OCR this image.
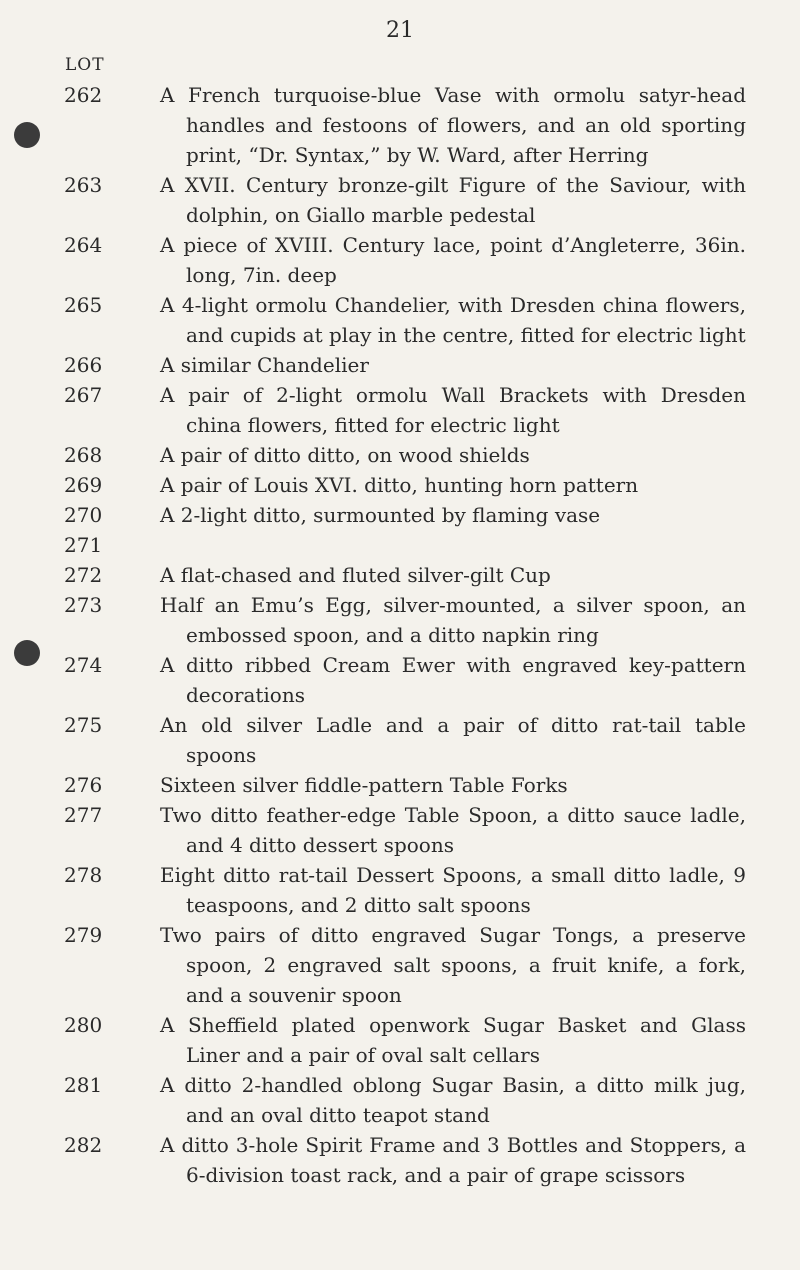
21
LOT
262	A French turquoise-blue Vase with ormolu satyr-head handles and festoons of flowers, and an old sporting print, “Dr. Syntax,” by W. Ward, after Herring
263	A XVII. Century bronze-gilt Figure of the Saviour, with dolphin, on Giallo marble pedestal
264	A piece of XVIII. Century lace, point d’Angleterre, 36in. long, 7in. deep
265	A 4-light ormolu Chandelier, with Dresden china flowers, and cupids at play in the centre, fitted for electric light
266	A similar Chandelier
267	A pair of 2-light ormolu Wall Brackets with Dresden china flowers, fitted for electric light
268	A pair of ditto ditto, on wood shields
269	A pair of Louis XVI. ditto, hunting horn pattern
270	A 2-light ditto, surmounted by flaming vase
271
272	A flat-chased and fluted silver-gilt Cup
273	Half an Emu’s Egg, silver-mounted, a silver spoon, an embossed spoon, and a ditto napkin ring
274	A ditto ribbed Cream Ewer with engraved key-pattern decorations
275	An old silver Ladle and a pair of ditto rat-tail table spoons
276	Sixteen silver fiddle-pattern Table Forks
277	Two ditto feather-edge Table Spoon, a ditto sauce ladle, and 4 ditto dessert spoons
278	Eight ditto rat-tail Dessert Spoons, a small ditto ladle, 9 teaspoons, and 2 ditto salt spoons
279	Two pairs of ditto engraved Sugar Tongs, a preserve spoon, 2 engraved salt spoons, a fruit knife, a fork, and a souvenir spoon
280	A Sheffield plated openwork Sugar Basket and Glass Liner and a pair of oval salt cellars
281	A ditto 2-handled oblong Sugar Basin, a ditto milk jug, and an oval ditto teapot stand
282	A ditto 3-hole Spirit Frame and 3 Bottles and Stoppers, a 6-division toast rack, and a pair of grape scissors
